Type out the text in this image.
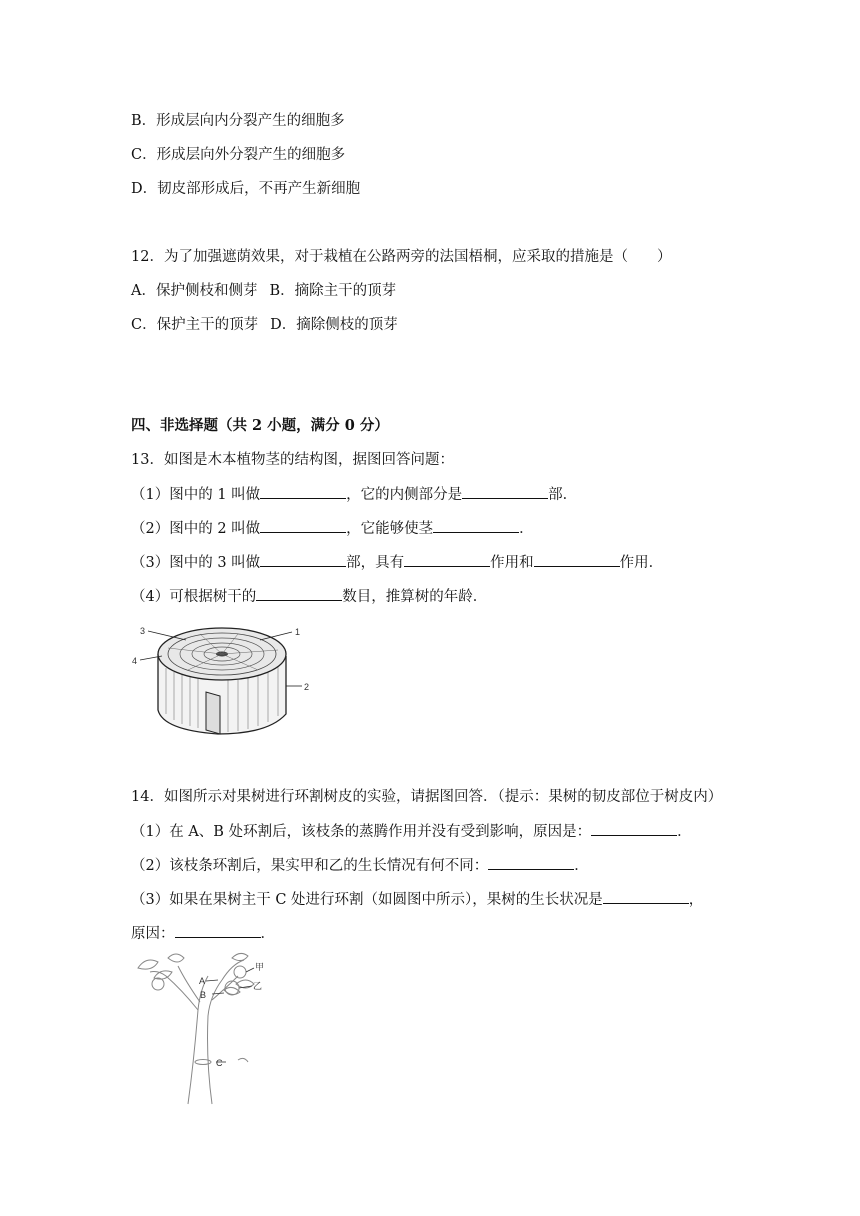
B．形成层向内分裂产生的细胞多
C．形成层向外分裂产生的细胞多
D．韧皮部形成后，不再产生新细胞
12．为了加强遮荫效果，对于栽植在公路两旁的法国梧桐，应采取的措施是（　　）
A．保护侧枝和侧芽 B．摘除主干的顶芽
C．保护主干的顶芽 D．摘除侧枝的顶芽
四、非选择题（共 2 小题，满分 0 分）
13．如图是木本植物茎的结构图，据图回答问题：
（1）图中的 1 叫做	，它的内侧部分是	部．
（2）图中的 2 叫做	，它能够使茎	．
（3）图中的 3 叫做	部，具有	作用和	作用．
（4）可根据树干的	数目，推算树的年龄．
3	1
4
2
14．如图所示对果树进行环割树皮的实验，请据图回答．（提示：果树的韧皮部位于树皮内）
（1）在 A、B 处环割后，该枝条的蒸腾作用并没有受到影响，原因是：	．
（2）该枝条环割后，果实甲和乙的生长情况有何不同：	．
（3）如果在果树主干 C 处进行环割（如圆图中所示），果树的生长状况是	，
原因：	．
A
B
C
甲
乙
